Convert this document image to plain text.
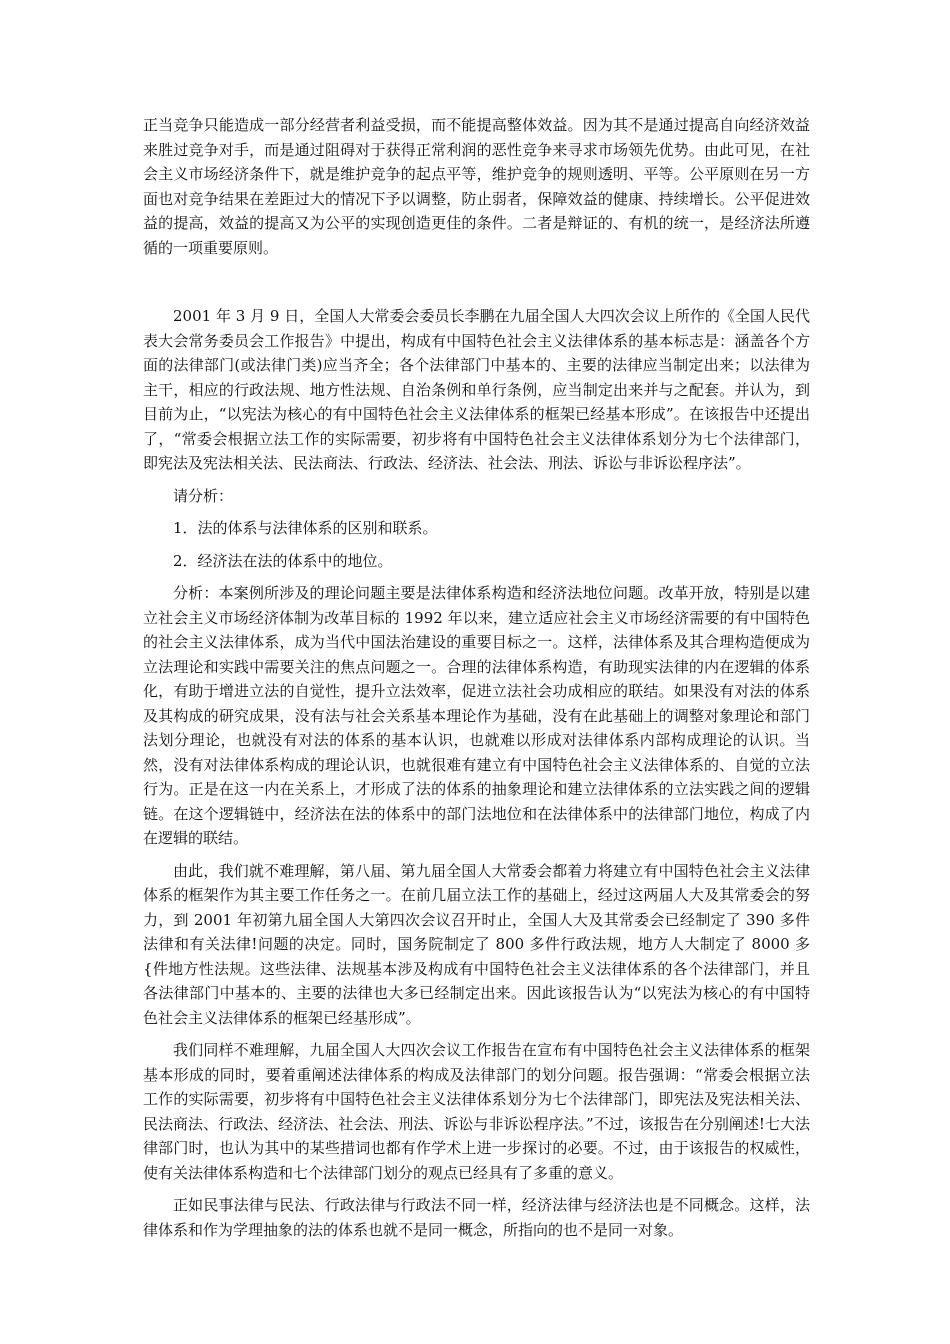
正当竞争只能造成一部分经营者利益受损，而不能提高整体效益。因为其不是通过提高自向经济效益来胜过竞争对手，而是通过阻碍对于获得正常利润的恶性竞争来寻求市场领先优势。由此可见，在社会主义市场经济条件下，就是维护竞争的起点平等，维护竞争的规则透明、平等。公平原则在另一方面也对竞争结果在差距过大的情况下予以调整，防止弱者，保障效益的健康、持续增长。公平促进效益的提高，效益的提高又为公平的实现创造更佳的条件。二者是辩证的、有机的统一，是经济法所遵循的一项重要原则。

2001 年 3 月 9 日，全国人大常委会委员长李鹏在九届全国人大四次会议上所作的《全国人民代表大会常务委员会工作报告》中提出，构成有中国特色社会主义法律体系的基本标志是：涵盖各个方面的法律部门(或法律门类)应当齐全；各个法律部门中基本的、主要的法律应当制定出来；以法律为主干，相应的行政法规、地方性法规、自治条例和单行条例，应当制定出来并与之配套。并认为，到目前为止，“以宪法为核心的有中国特色社会主义法律体系的框架已经基本形成”。在该报告中还提出了，“常委会根据立法工作的实际需要，初步将有中国特色社会主义法律体系划分为七个法律部门，即宪法及宪法相关法、民法商法、行政法、经济法、社会法、刑法、诉讼与非诉讼程序法”。

请分析：

1．法的体系与法律体系的区别和联系。

2．经济法在法的体系中的地位。

分析：本案例所涉及的理论问题主要是法律体系构造和经济法地位问题。改革开放，特别是以建立社会主义市场经济体制为改革目标的 1992 年以来，建立适应社会主义市场经济需要的有中国特色的社会主义法律体系，成为当代中国法治建设的重要目标之一。这样，法律体系及其合理构造便成为立法理论和实践中需要关注的焦点问题之一。合理的法律体系构造，有助现实法律的内在逻辑的体系化，有助于增进立法的自觉性，提升立法效率，促进立法社会功成相应的联结。如果没有对法的体系及其构成的研究成果，没有法与社会关系基本理论作为基础，没有在此基础上的调整对象理论和部门法划分理论，也就没有对法的体系的基本认识，也就难以形成对法律体系内部构成理论的认识。当然，没有对法律体系构成的理论认识，也就很难有建立有中国特色社会主义法律体系的、自觉的立法行为。正是在这一内在关系上，才形成了法的体系的抽象理论和建立法律体系的立法实践之间的逻辑链。在这个逻辑链中，经济法在法的体系中的部门法地位和在法律体系中的法律部门地位，构成了内在逻辑的联结。

由此，我们就不难理解，第八届、第九届全国人大常委会都着力将建立有中国特色社会主义法律体系的框架作为其主要工作任务之一。在前几届立法工作的基础上，经过这两届人大及其常委会的努力，到 2001 年初第九届全国人大第四次会议召开时止，全国人大及其常委会已经制定了 390 多件法律和有关法律!问题的决定。同时，国务院制定了 800 多件行政法规，地方人大制定了 8000 多{件地方性法规。这些法律、法规基本涉及构成有中国特色社会主义法律体系的各个法律部门，并且各法律部门中基本的、主要的法律也大多已经制定出来。因此该报告认为“以宪法为核心的有中国特色社会主义法律体系的框架已经基形成”。

我们同样不难理解，九届全国人大四次会议工作报告在宣布有中国特色社会主义法律体系的框架基本形成的同时，要着重阐述法律体系的构成及法律部门的划分问题。报告强调：“常委会根据立法工作的实际需要，初步将有中国特色社会主义法律体系划分为七个法律部门，即宪法及宪法相关法、民法商法、行政法、经济法、社会法、刑法、诉讼与非诉讼程序法。”不过，该报告在分别阐述!七大法律部门时，也认为其中的某些措词也都有作学术上进一步探讨的必要。不过，由于该报告的权威性，使有关法律体系构造和七个法律部门划分的观点已经具有了多重的意义。

正如民事法律与民法、行政法律与行政法不同一样，经济法律与经济法也是不同概念。这样，法律体系和作为学理抽象的法的体系也就不是同一概念，所指向的也不是同一对象。
